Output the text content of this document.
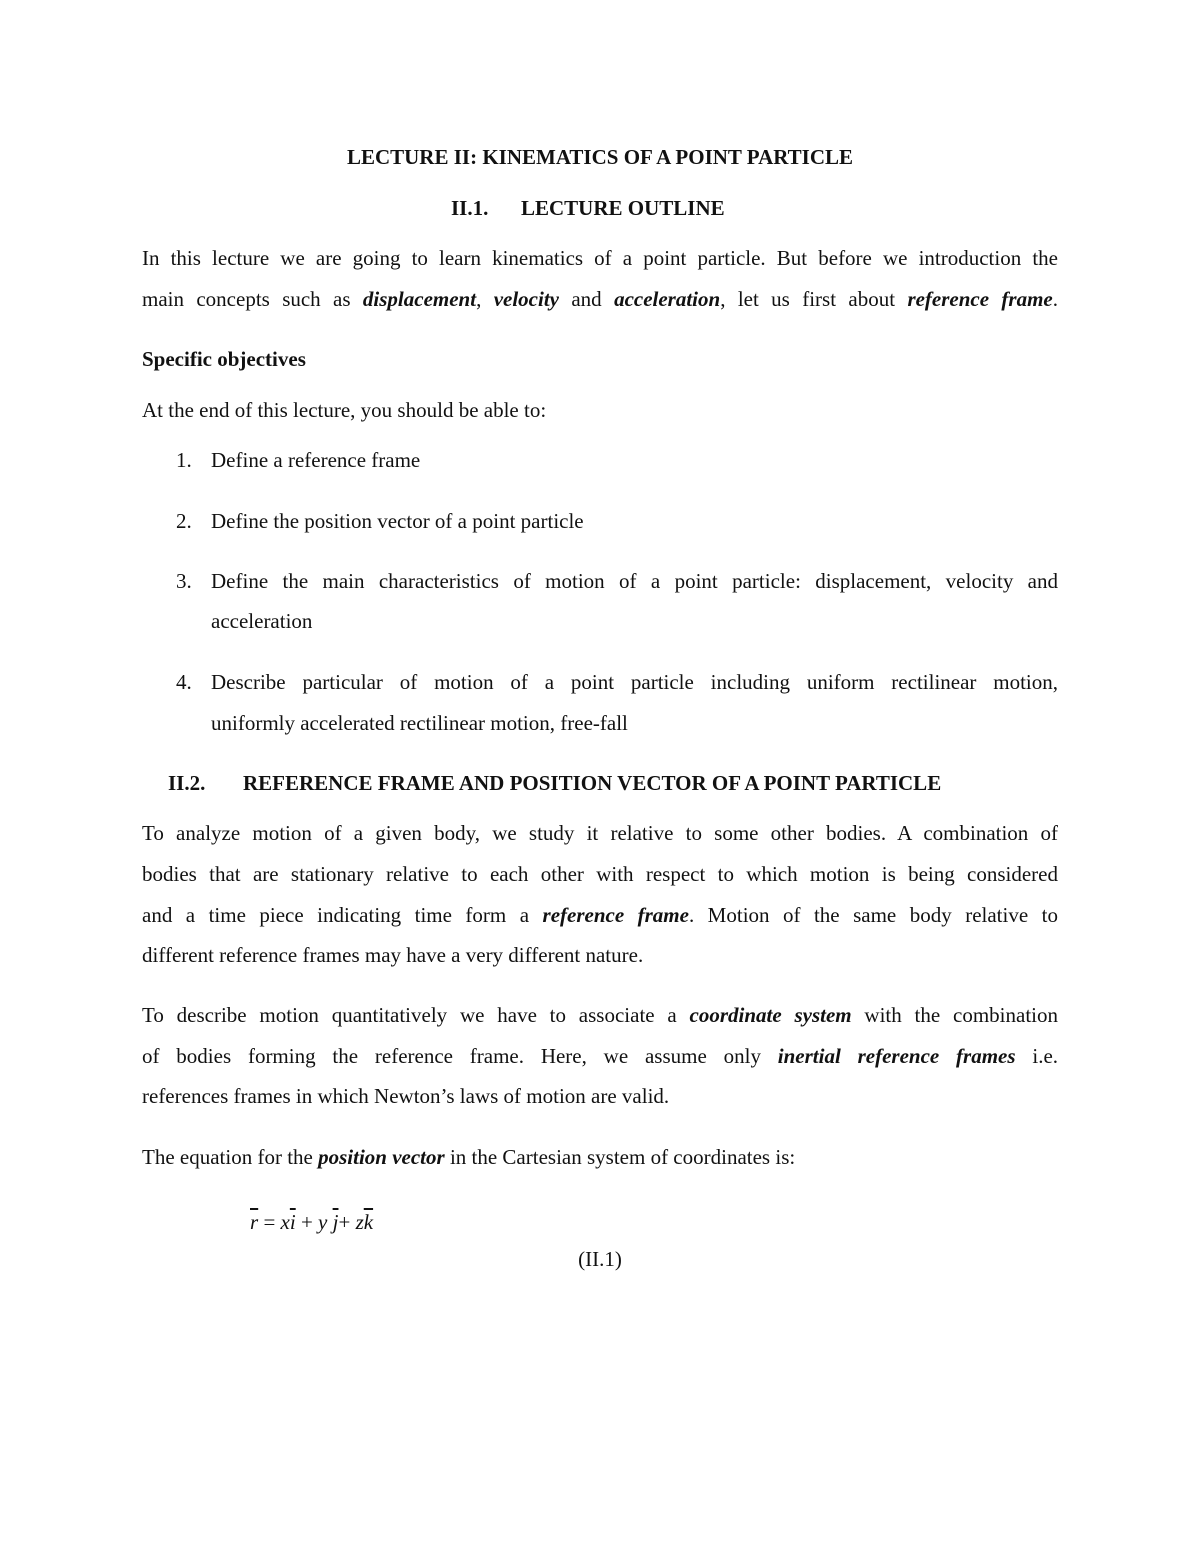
LECTURE II: KINEMATICS OF A POINT PARTICLE
II.1. LECTURE OUTLINE
In this lecture we are going to learn kinematics of a point particle. But before we introduction the
main concepts such as displacement, velocity and acceleration, let us first about reference frame.
Specific objectives
At the end of this lecture, you should be able to:
1. Define a reference frame
2. Define the position vector of a point particle
3. Define the main characteristics of motion of a point particle: displacement, velocity and
acceleration
4. Describe particular of motion of a point particle including uniform rectilinear motion,
uniformly accelerated rectilinear motion, free-fall
II.2. REFERENCE FRAME AND POSITION VECTOR OF A POINT PARTICLE
To analyze motion of a given body, we study it relative to some other bodies. A combination of
bodies that are stationary relative to each other with respect to which motion is being considered
and a time piece indicating time form a reference frame. Motion of the same body relative to
different reference frames may have a very different nature.
To describe motion quantitatively we have to associate a coordinate system with the combination
of bodies forming the reference frame. Here, we assume only inertial reference frames i.e.
references frames in which Newton’s laws of motion are valid.
The equation for the position vector in the Cartesian system of coordinates is:
$\overline{r} = x\overline{i} + y$ $\overline{j}+ z\overline{k}$
(II.1)
